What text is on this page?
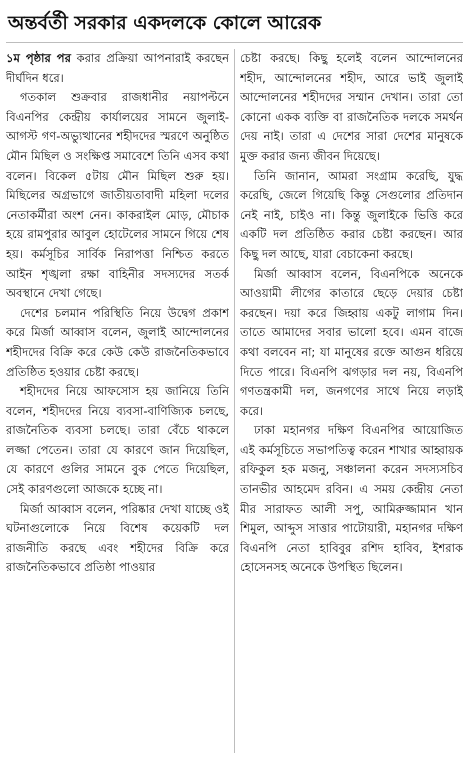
অন্তর্বর্তী সরকার একদলকে কোলে আরেক

১ম পৃষ্ঠার পর করার প্রক্রিয়া আপনারাই করছেন দীর্ঘদিন ধরে।

গতকাল শুক্রবার রাজধানীর নয়াপল্টনে বিএনপির কেন্দ্রীয় কার্যালয়ের সামনে জুলাই-আগস্ট গণ-অভ্যুত্থানের শহীদদের স্মরণে অনুষ্ঠিত মৌন মিছিল ও সংক্ষিপ্ত সমাবেশে তিনি এসব কথা বলেন। বিকেল ৫টায় মৌন মিছিল শুরু হয়। মিছিলের অগ্রভাগে জাতীয়তাবাদী মহিলা দলের নেতাকর্মীরা অংশ নেন। কাকরাইল মোড়, মৌচাক হয়ে রামপুরার আবুল হোটেলের সামনে গিয়ে শেষ হয়। কর্মসূচির সার্বিক নিরাপত্তা নিশ্চিত করতে আইন শৃঙ্খলা রক্ষা বাহিনীর সদস্যদের সতর্ক অবস্থানে দেখা গেছে।

দেশের চলমান পরিস্থিতি নিয়ে উদ্বেগ প্রকাশ করে মির্জা আব্বাস বলেন, জুলাই আন্দোলনের শহীদদের বিক্রি করে কেউ কেউ রাজনৈতিকভাবে প্রতিষ্ঠিত হওয়ার চেষ্টা করছে।

শহীদদের নিয়ে আফসোস হয় জানিয়ে তিনি বলেন, শহীদদের নিয়ে ব্যবসা-বাণিজ্যিক চলছে, রাজনৈতিক ব্যবসা চলছে। তারা বেঁচে থাকলে লজ্জা পেতেন। তারা যে কারণে জান দিয়েছিল, যে কারণে গুলির সামনে বুক পেতে দিয়েছিল, সেই কারণগুলো আজকে হচ্ছে না।

মির্জা আব্বাস বলেন, পরিষ্কার দেখা যাচ্ছে ওই ঘটনাগুলোকে নিয়ে বিশেষ কয়েকটি দল রাজনীতি করছে এবং শহীদের বিক্রি করে রাজনৈতিকভাবে প্রতিষ্ঠা পাওয়ার

চেষ্টা করছে। কিছু হলেই বলেন আন্দোলনের শহীদ, আন্দোলনের শহীদ, আরে ভাই জুলাই আন্দোলনের শহীদদের সম্মান দেখান। তারা তো কোনো একক ব্যক্তি বা রাজনৈতিক দলকে সমর্থন দেয় নাই। তারা এ দেশের সারা দেশের মানুষকে মুক্ত করার জন্য জীবন দিয়েছে।

তিনি জানান, আমরা সংগ্রাম করেছি, যুদ্ধ করেছি, জেলে গিয়েছি কিন্তু সেগুলোর প্রতিদান নেই নাই, চাইও না। কিন্তু জুলাইকে ভিত্তি করে একটি দল প্রতিষ্ঠিত করার চেষ্টা করছেন। আর কিছু দল আছে, যারা বেচাকেনা করছে।

মির্জা আব্বাস বলেন, বিএনপিকে অনেকে আওয়ামী লীগের কাতারে ছেড়ে দেয়ার চেষ্টা করছেন। দয়া করে জিহ্বায় একটু লাগাম দিন। তাতে আমাদের সবার ভালো হবে। এমন বাজে কথা বলবেন না; যা মানুষের রক্তে আগুন ধরিয়ে দিতে পারে। বিএনপি ঝগড়ার দল নয়, বিএনপি গণতন্ত্রকামী দল, জনগণের সাথে নিয়ে লড়াই করে।

ঢাকা মহানগর দক্ষিণ বিএনপির আয়োজিত এই কর্মসূচিতে সভাপতিত্ব করেন শাখার আহ্বায়ক রফিকুল হক মজনু, সঞ্চালনা করেন সদস্যসচিব তানভীর আহমেদ রবিন। এ সময় কেন্দ্রীয় নেতা মীর সারাফত আলী সপু, আমিরুজ্জামান খান শিমুল, আব্দুস সাত্তার পাটোয়ারী, মহানগর দক্ষিণ বিএনপি নেতা হাবিবুর রশিদ হাবিব, ইশরাক হোসেনসহ অনেকে উপস্থিত ছিলেন।
